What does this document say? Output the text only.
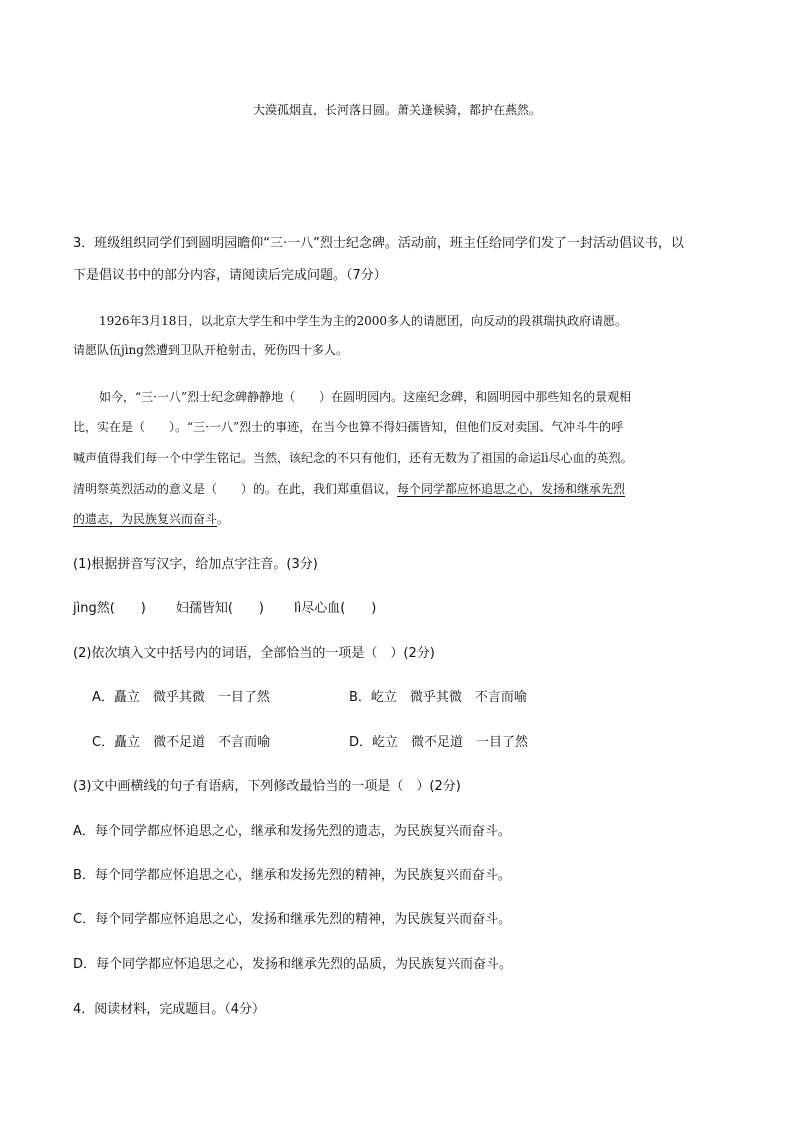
大漠孤烟直，长河落日圆。萧关逢候骑，都护在燕然。
3．班级组织同学们到圆明园瞻仰“三·一八”烈士纪念碑。活动前，班主任给同学们发了一封活动倡议书，以
下是倡议书中的部分内容，请阅读后完成问题。（7分）
1926年3月18日，以北京大学生和中学生为主的2000多人的请愿团，向反动的段祺瑞执政府请愿。
请愿队伍jìng然遭到卫队开枪射击，死伤四十多人。
如今，“三·一八”烈士纪念碑静静地（　　）在圆明园内。这座纪念碑，和圆明园中那些知名的景观相
比，实在是（　　）。“三·一八”烈士的事迹，在当今也算不得妇孺皆知，但他们反对卖国、气冲斗牛的呼
喊声值得我们每一个中学生铭记。当然，该纪念的不只有他们，还有无数为了祖国的命运lì尽心血的英烈。
清明祭英烈活动的意义是（　　）的。在此，我们郑重倡议，每个同学都应怀追思之心，发扬和继承先烈
的遗志，为民族复兴而奋斗。
(1)根据拼音写汉字，给加点字注音。(3分)
jìng然(　　) 妇孺皆知(　　) lì尽心血(　　)
(2)依次填入文中括号内的词语，全部恰当的一项是（　）(2分)
A．矗立　微乎其微　一目了然	B．屹立　微乎其微　不言而喻
C．矗立　微不足道　不言而喻	D．屹立　微不足道　一目了然
(3)文中画横线的句子有语病，下列修改最恰当的一项是（　）(2分)
A．每个同学都应怀追思之心，继承和发扬先烈的遗志，为民族复兴而奋斗。
B．每个同学都应怀追思之心，继承和发扬先烈的精神，为民族复兴而奋斗。
C．每个同学都应怀追思之心，发扬和继承先烈的精神，为民族复兴而奋斗。
D．每个同学都应怀追思之心，发扬和继承先烈的品质，为民族复兴而奋斗。
4．阅读材料，完成题目。（4分）
